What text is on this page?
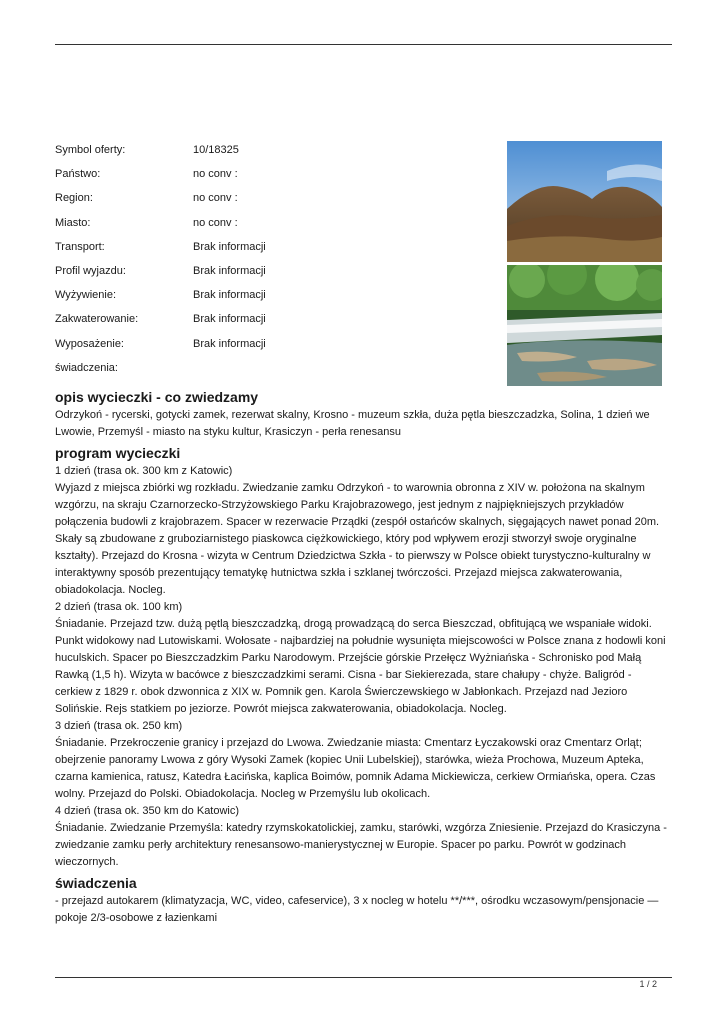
Symbol oferty:	10/18325
Państwo:	no conv :
Region:	no conv :
Miasto:	no conv :
Transport:	Brak informacji
Profil wyjazdu:	Brak informacji
Wyżywienie:	Brak informacji
Zakwaterowanie:	Brak informacji
Wyposażenie:	Brak informacji
świadczenia:
opis wycieczki - co zwiedzamy

Odrzykoń - rycerski, gotycki zamek, rezerwat skalny, Krosno - muzeum szkła, duża pętla bieszczadzka, Solina, 1 dzień we Lwowie, Przemyśl - miasto na styku kultur, Krasiczyn - perła renesansu

program wycieczki

1 dzień (trasa ok. 300 km z Katowic)

Wyjazd z miejsca zbiórki wg rozkładu. Zwiedzanie zamku Odrzykoń - to warownia obronna z XIV w. położona na skalnym wzgórzu, na skraju Czarnorzecko-Strzyżowskiego Parku Krajobrazowego, jest jednym z najpiękniejszych przykładów połączenia budowli z krajobrazem. Spacer w rezerwacie Prządki (zespół ostańców skalnych, sięgających nawet ponad 20m. Skały są zbudowane z gruboziarnistego piaskowca ciężkowickiego, który pod wpływem erozji stworzył swoje oryginalne kształty). Przejazd do Krosna - wizyta w Centrum Dziedzictwa Szkła - to pierwszy w Polsce obiekt turystyczno-kulturalny w interaktywny sposób prezentujący tematykę hutnictwa szkła i szklanej twórczości. Przejazd miejsca zakwaterowania, obiadokolacja. Nocleg.

2 dzień (trasa ok. 100 km)

Śniadanie. Przejazd tzw. dużą pętlą bieszczadzką, drogą prowadzącą do serca Bieszczad, obfitującą we wspaniałe widoki. Punkt widokowy nad Lutowiskami. Wołosate - najbardziej na południe wysunięta miejscowości w Polsce znana z hodowli koni huculskich. Spacer po Bieszczadzkim Parku Narodowym. Przejście górskie Przełęcz Wyżniańska - Schronisko pod Małą Rawką (1,5 h). Wizyta w bacówce z bieszczadzkimi serami. Cisna - bar Siekierezada, stare chałupy - chyże. Baligród - cerkiew z 1829 r. obok dzwonnica z XIX w. Pomnik gen. Karola Świerczewskiego w Jabłonkach. Przejazd nad Jezioro Solińskie. Rejs statkiem po jeziorze. Powrót miejsca zakwaterowania, obiadokolacja. Nocleg.

3 dzień (trasa ok. 250 km)

Śniadanie. Przekroczenie granicy i przejazd do Lwowa. Zwiedzanie miasta: Cmentarz Łyczakowski oraz Cmentarz Orląt; obejrzenie panoramy Lwowa z góry Wysoki Zamek (kopiec Unii Lubelskiej), starówka, wieża Prochowa, Muzeum Apteka, czarna kamienica, ratusz, Katedra Łacińska, kaplica Boimów, pomnik Adama Mickiewicza, cerkiew Ormiańska, opera. Czas wolny. Przejazd do Polski. Obiadokolacja. Nocleg w Przemyślu lub okolicach.

4 dzień (trasa ok. 350 km do Katowic)

Śniadanie. Zwiedzanie Przemyśla: katedry rzymskokatolickiej, zamku, starówki, wzgórza Zniesienie. Przejazd do Krasiczyna - zwiedzanie zamku perły architektury renesansowo-manierystycznej w Europie. Spacer po parku. Powrót w godzinach wieczornych.

świadczenia

- przejazd autokarem (klimatyzacja, WC, video, cafeservice), 3 x nocleg w hotelu **/***, ośrodku wczasowym/pensjonacie — pokoje 2/3-osobowe z łazienkami

1 / 2
